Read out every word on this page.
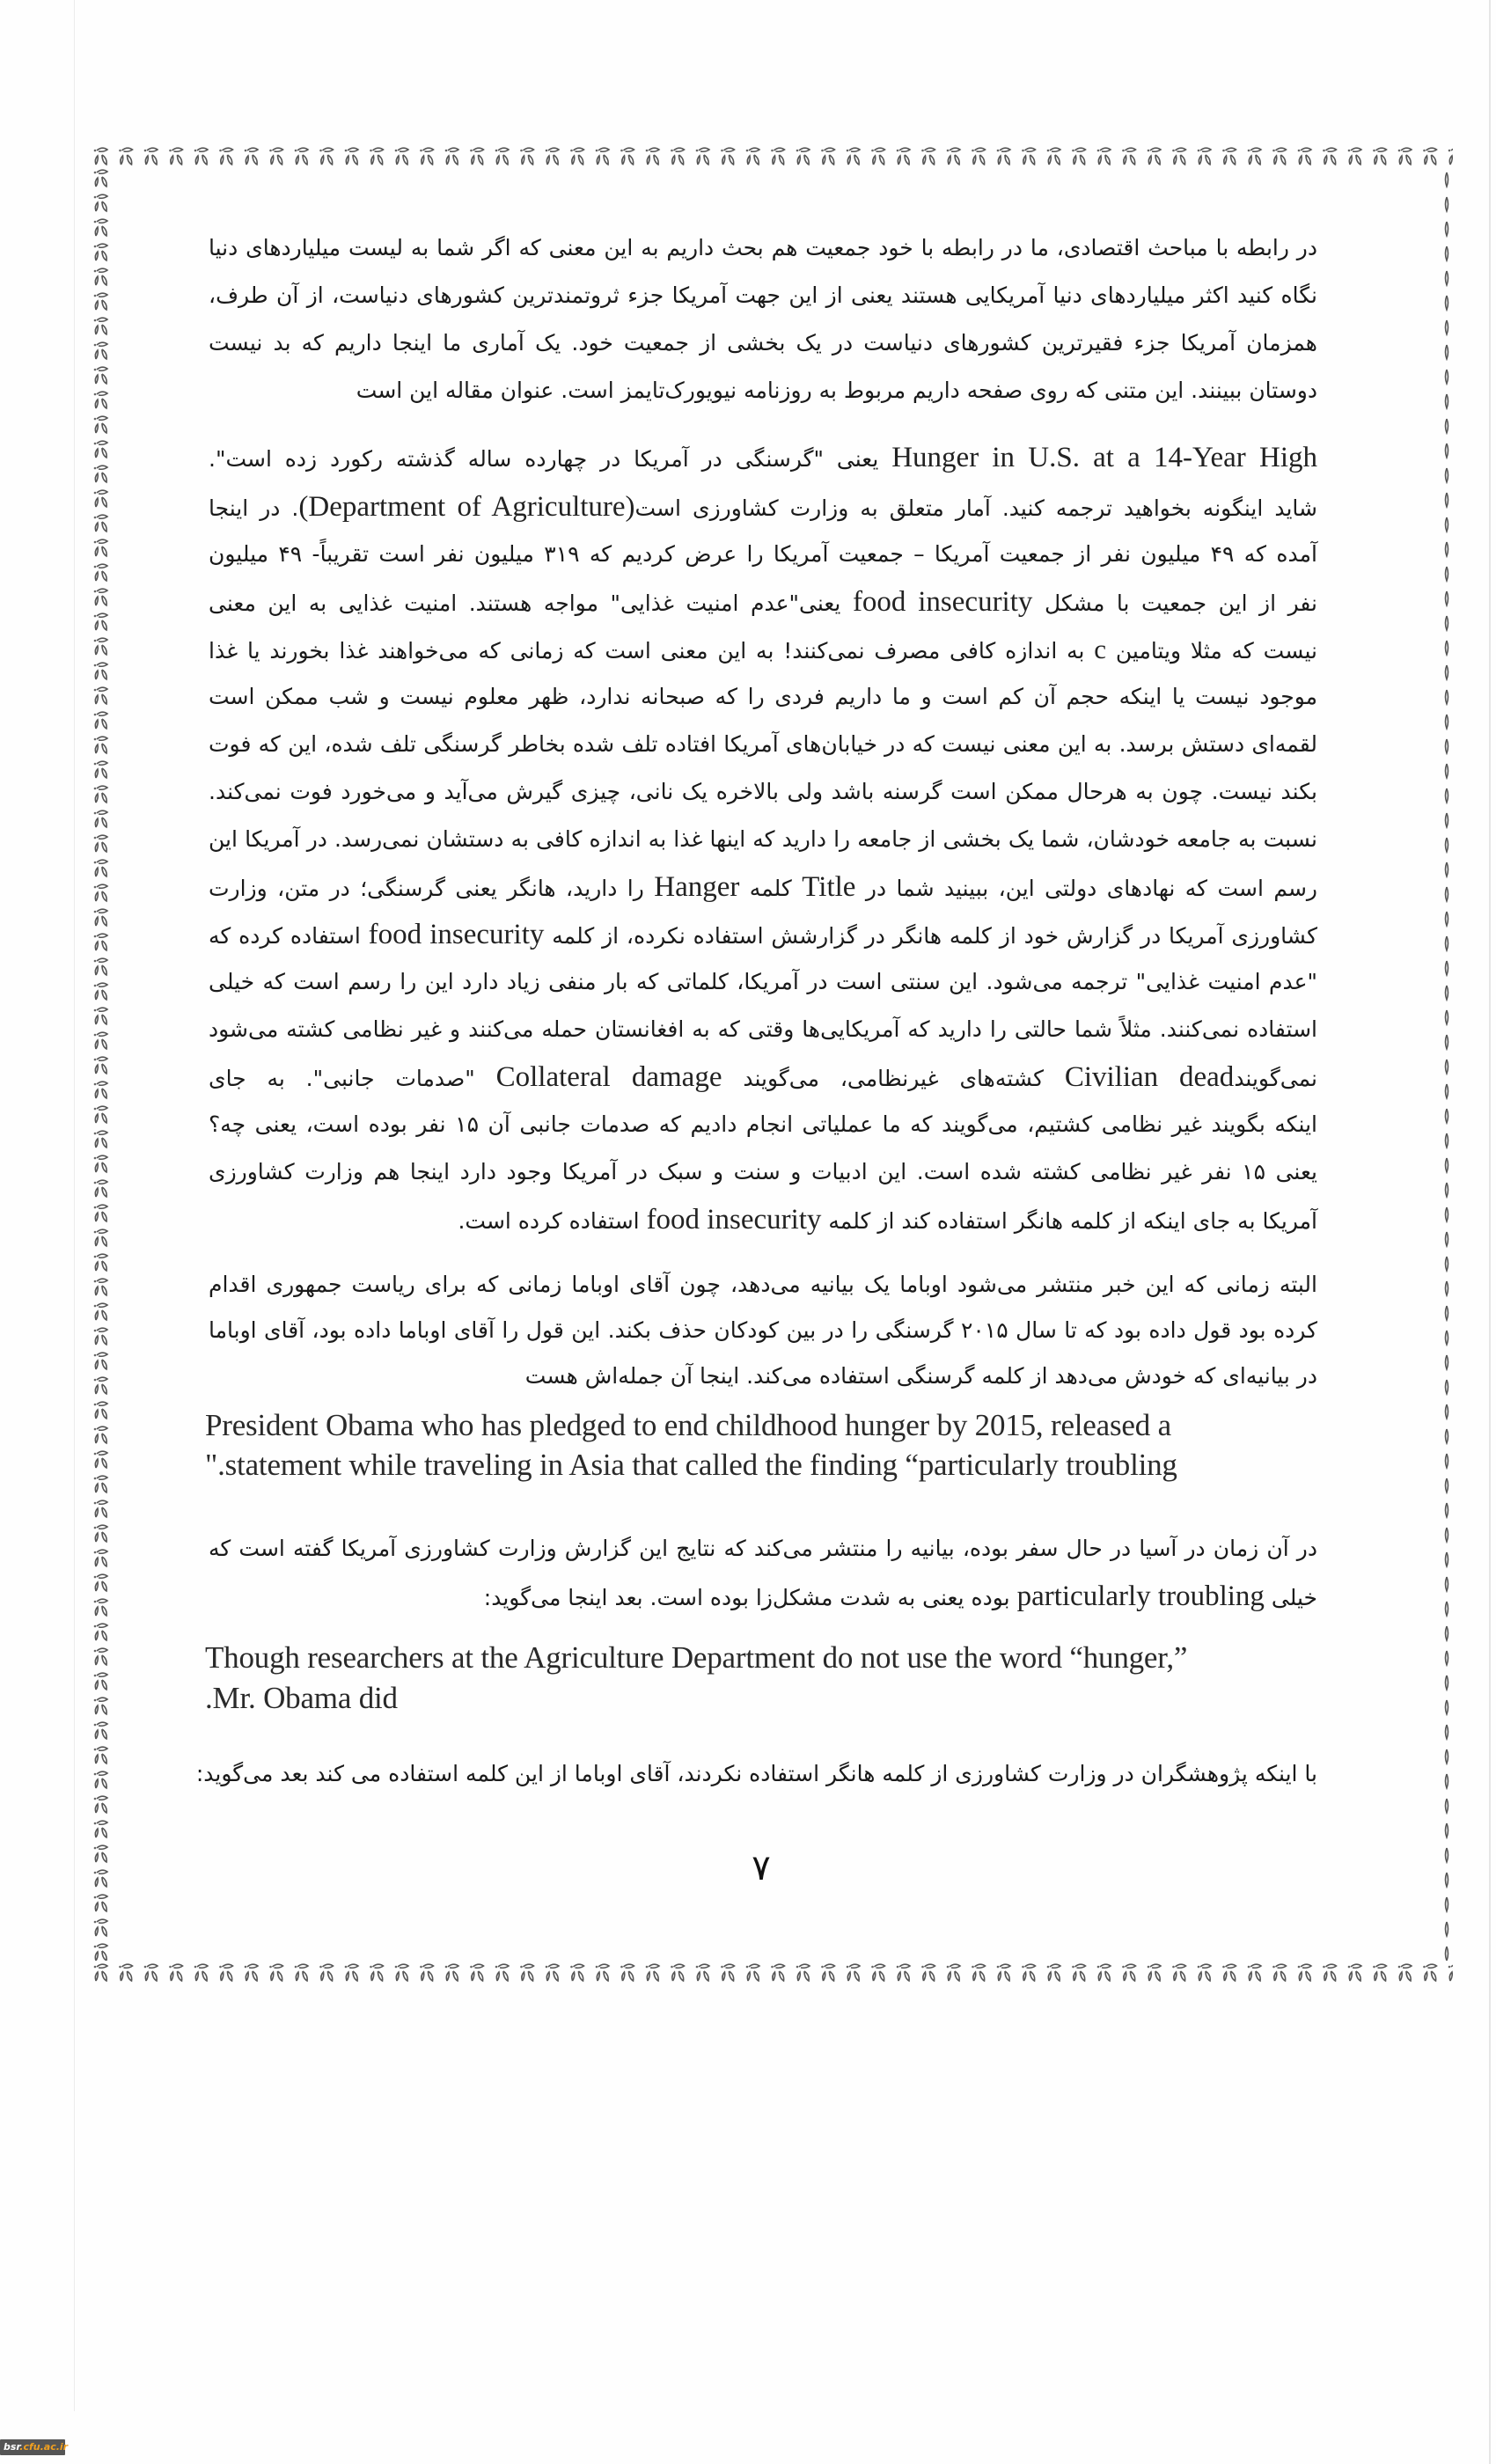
در رابطه با مباحث اقتصادی، ما در رابطه با خود جمعیت هم بحث داریم به این معنی که اگر شما به لیست میلیاردهای دنیا
نگاه کنید اکثر میلیاردهای دنیا آمریکایی هستند یعنی از این جهت آمریکا جزء ثروتمندترین کشورهای دنیاست، از آن طرف،
همزمان آمریکا جزء فقیرترین کشورهای دنیاست در یک بخشی از جمعیت خود. یک آماری ما اینجا داریم که بد نیست
دوستان ببینند. این متنی که روی صفحه داریم مربوط به روزنامه نیویورک‌تایمز است. عنوان مقاله این است
Hunger in U.S. at a 14-Year High یعنی "گرسنگی در آمریکا در چهارده ساله گذشته رکورد زده است".
شاید اینگونه بخواهید ترجمه کنید. آمار متعلق به وزارت کشاورزی است(Department of Agriculture). در اینجا
آمده که ۴۹ میلیون نفر از جمعیت آمریکا – جمعیت آمریکا را عرض کردیم که ۳۱۹ میلیون نفر است تقریباً- ۴۹ میلیون
نفر از این جمعیت با مشکل food insecurity یعنی"عدم امنیت غذایی" مواجه هستند. امنیت غذایی به این معنی
نیست که مثلا ویتامین c به اندازه کافی مصرف نمی‌کنند! به این معنی است که زمانی که می‌خواهند غذا بخورند یا غذا
موجود نیست یا اینکه حجم آن کم است و ما داریم فردی را که صبحانه ندارد، ظهر معلوم نیست و شب ممکن است
لقمه‌ای دستش برسد. به این معنی نیست که در خیابان‌های آمریکا افتاده تلف شده بخاطر گرسنگی تلف شده، این که فوت
بکند نیست. چون به هرحال ممکن است گرسنه باشد ولی بالاخره یک نانی، چیزی گیرش می‌آید و می‌خورد فوت نمی‌کند.
نسبت به جامعه خودشان، شما یک بخشی از جامعه را دارید که اینها غذا به اندازه کافی به دستشان نمی‌رسد. در آمریکا این
رسم است که نهادهای دولتی این، ببینید شما در Title کلمه Hanger را دارید، هانگر یعنی گرسنگی؛ در متن، وزارت
کشاورزی آمریکا در گزارش خود از کلمه هانگر در گزارشش استفاده نکرده، از کلمه food insecurity استفاده کرده که
"عدم امنیت غذایی" ترجمه می‌شود. این سنتی است در آمریکا، کلماتی که بار منفی زیاد دارد این را رسم است که خیلی
استفاده نمی‌کنند. مثلاً شما حالتی را دارید که آمریکایی‌ها وقتی که به افغانستان حمله می‌کنند و غیر نظامی کشته می‌شود
نمی‌گویندCivilian dead کشته‌های غیرنظامی، می‌گویند Collateral damage "صدمات جانبی". به جای
اینکه بگویند غیر نظامی کشتیم، می‌گویند که ما عملیاتی انجام دادیم که صدمات جانبی آن ۱۵ نفر بوده است، یعنی چه؟
یعنی ۱۵ نفر غیر نظامی کشته شده است. این ادبیات و سنت و سبک در آمریکا وجود دارد اینجا هم وزارت کشاورزی
آمریکا به جای اینکه از کلمه هانگر استفاده کند از کلمه food insecurity استفاده کرده است.
البته زمانی که این خبر منتشر می‌شود اوباما یک بیانیه می‌دهد، چون آقای اوباما زمانی که برای ریاست جمهوری اقدام
کرده بود قول داده بود که تا سال ۲۰۱۵ گرسنگی را در بین کودکان حذف بکند. این قول را آقای اوباما داده بود، آقای اوباما
در بیانیه‌ای که خودش می‌دهد از کلمه گرسنگی استفاده می‌کند. اینجا آن جمله‌اش هست
President Obama who has pledged to end childhood hunger by 2015, released a
".statement while traveling in Asia that called the finding “particularly troubling
در آن زمان در آسیا در حال سفر بوده، بیانیه را منتشر می‌کند که نتایج این گزارش وزارت کشاورزی آمریکا گفته است که
خیلی particularly troubling بوده یعنی به شدت مشکل‌زا بوده است. بعد اینجا می‌گوید:
Though researchers at the Agriculture Department do not use the word “hunger,”
.Mr. Obama did
با اینکه پژوهشگران در وزارت کشاورزی از کلمه هانگر استفاده نکردند، آقای اوباما از این کلمه استفاده می کند بعد می‌گوید:
۷
bsr.cfu.ac.ir
